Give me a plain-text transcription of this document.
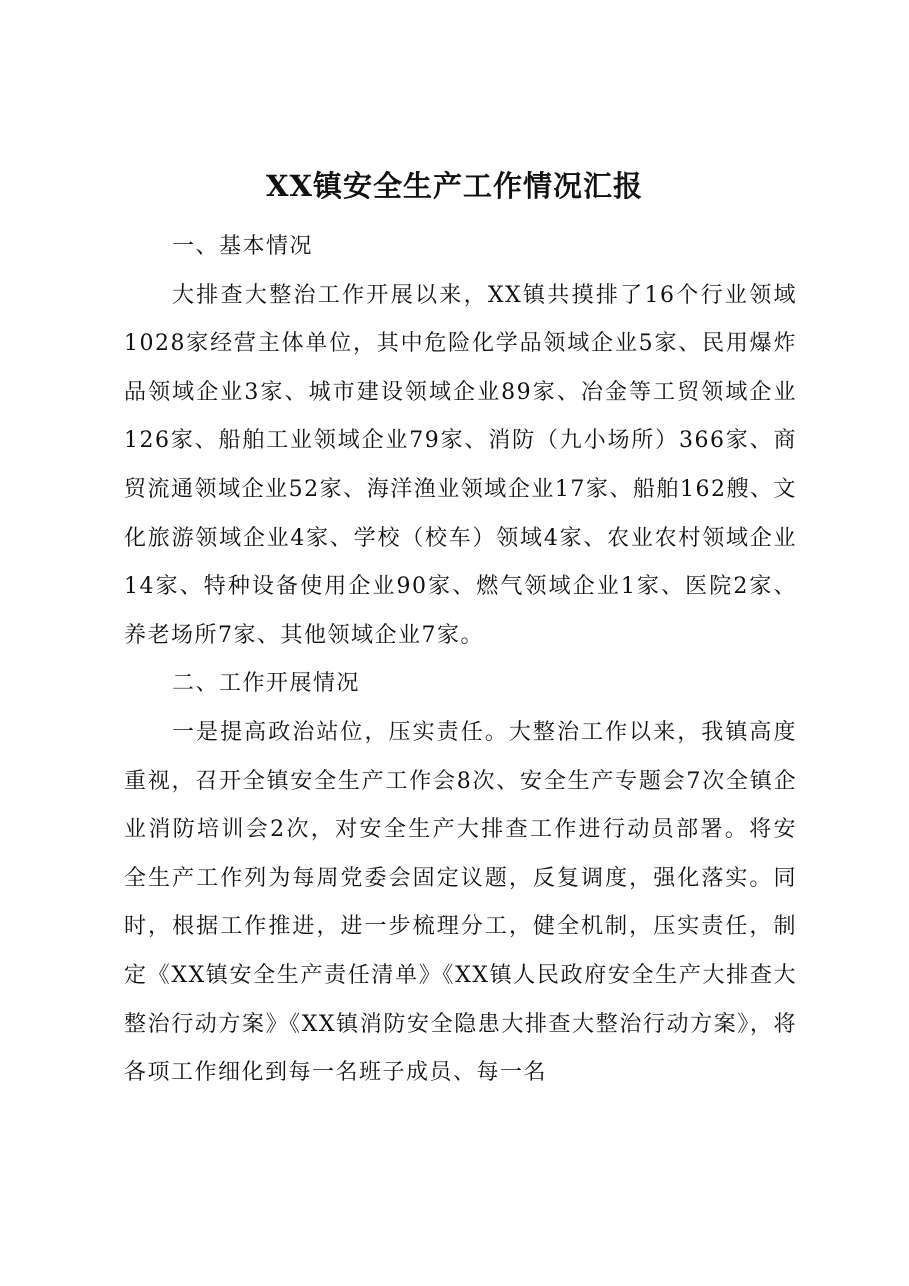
XX镇安全生产工作情况汇报
一、基本情况

大排查大整治工作开展以来，XX镇共摸排了16个行业领域1028家经营主体单位，其中危险化学品领域企业5家、民用爆炸品领域企业3家、城市建设领域企业89家、冶金等工贸领域企业126家、船舶工业领域企业79家、消防（九小场所）366家、商贸流通领域企业52家、海洋渔业领域企业17家、船舶162艘、文化旅游领域企业4家、学校（校车）领域4家、农业农村领域企业14家、特种设备使用企业90家、燃气领域企业1家、医院2家、养老场所7家、其他领域企业7家。

二、工作开展情况

一是提高政治站位，压实责任。大整治工作以来，我镇高度重视，召开全镇安全生产工作会8次、安全生产专题会7次全镇企业消防培训会2次，对安全生产大排查工作进行动员部署。将安全生产工作列为每周党委会固定议题，反复调度，强化落实。同时，根据工作推进，进一步梳理分工，健全机制，压实责任，制定《XX镇安全生产责任清单》《XX镇人民政府安全生产大排查大整治行动方案》《XX镇消防安全隐患大排查大整治行动方案》，将各项工作细化到每一名班子成员、每一名
